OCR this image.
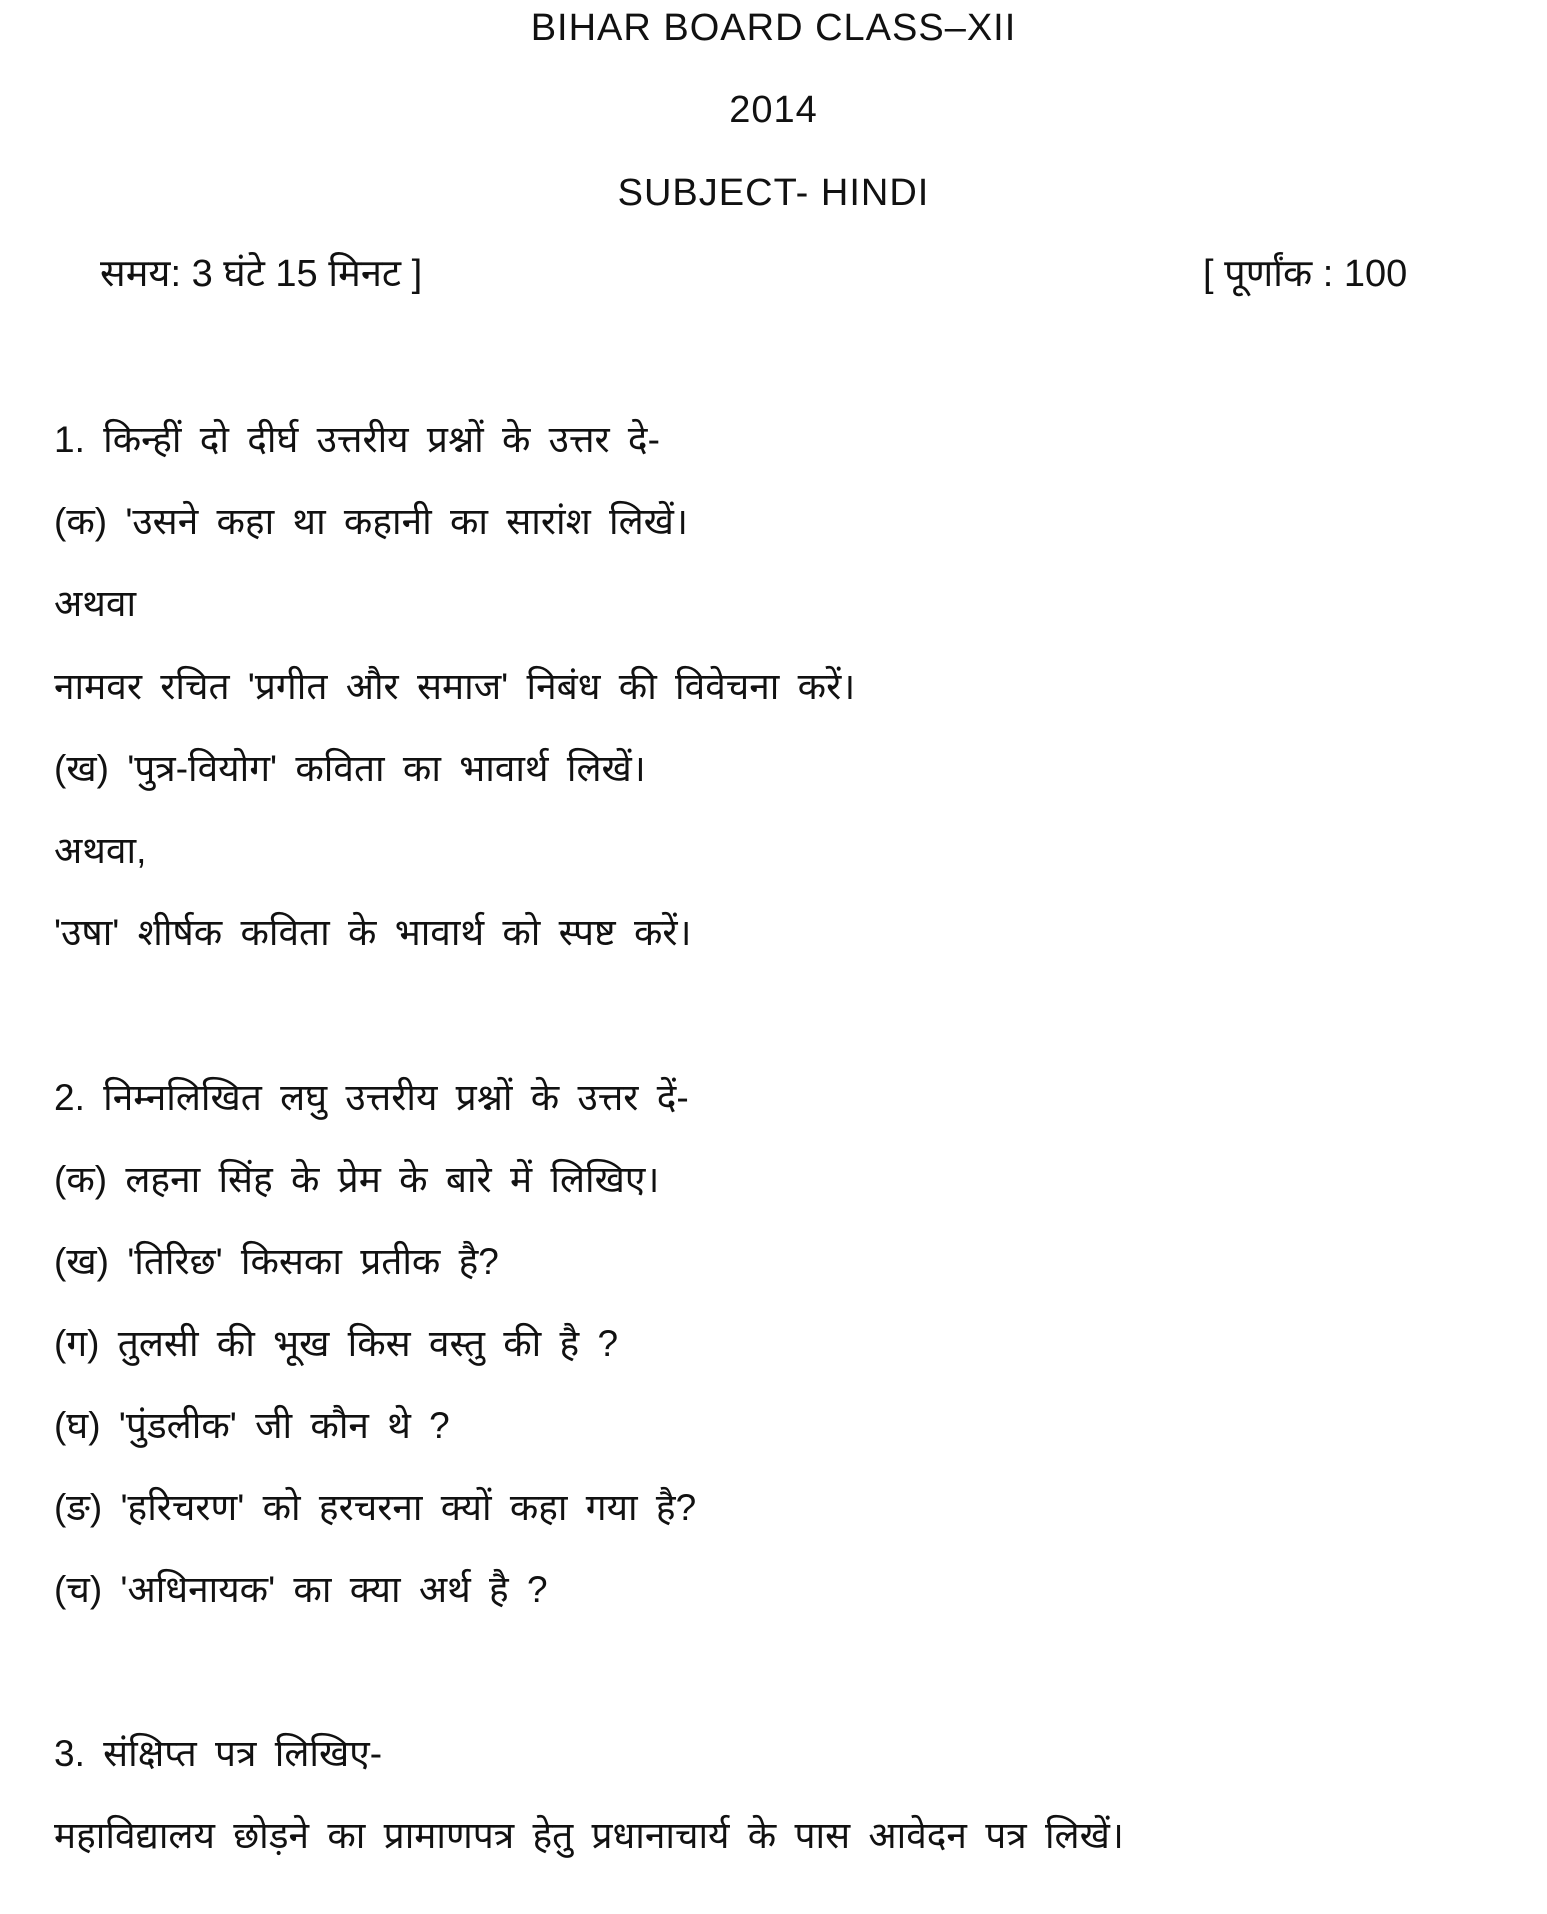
BIHAR BOARD CLASS–XII
2014
SUBJECT- HINDI
समय: 3 घंटे 15 मिनट ]	[ पूर्णांक : 100
1. किन्हीं दो दीर्घ उत्तरीय प्रश्नों के उत्तर दे-
(क) 'उसने कहा था कहानी का सारांश लिखें।
अथवा
नामवर रचित 'प्रगीत और समाज' निबंध की विवेचना करें।
(ख) 'पुत्र-वियोग' कविता का भावार्थ लिखें।
अथवा,
'उषा' शीर्षक कविता के भावार्थ को स्पष्ट करें।
2. निम्नलिखित लघु उत्तरीय प्रश्नों के उत्तर दें-
(क) लहना सिंह के प्रेम के बारे में लिखिए।
(ख) 'तिरिछ' किसका प्रतीक है?
(ग) तुलसी की भूख किस वस्तु की है ?
(घ) 'पुंडलीक' जी कौन थे ?
(ङ) 'हरिचरण' को हरचरना क्यों कहा गया है?
(च) 'अधिनायक' का क्या अर्थ है ?
3. संक्षिप्त पत्र लिखिए-
महाविद्यालय छोड़ने का प्रामाणपत्र हेतु प्रधानाचार्य के पास आवेदन पत्र लिखें।
